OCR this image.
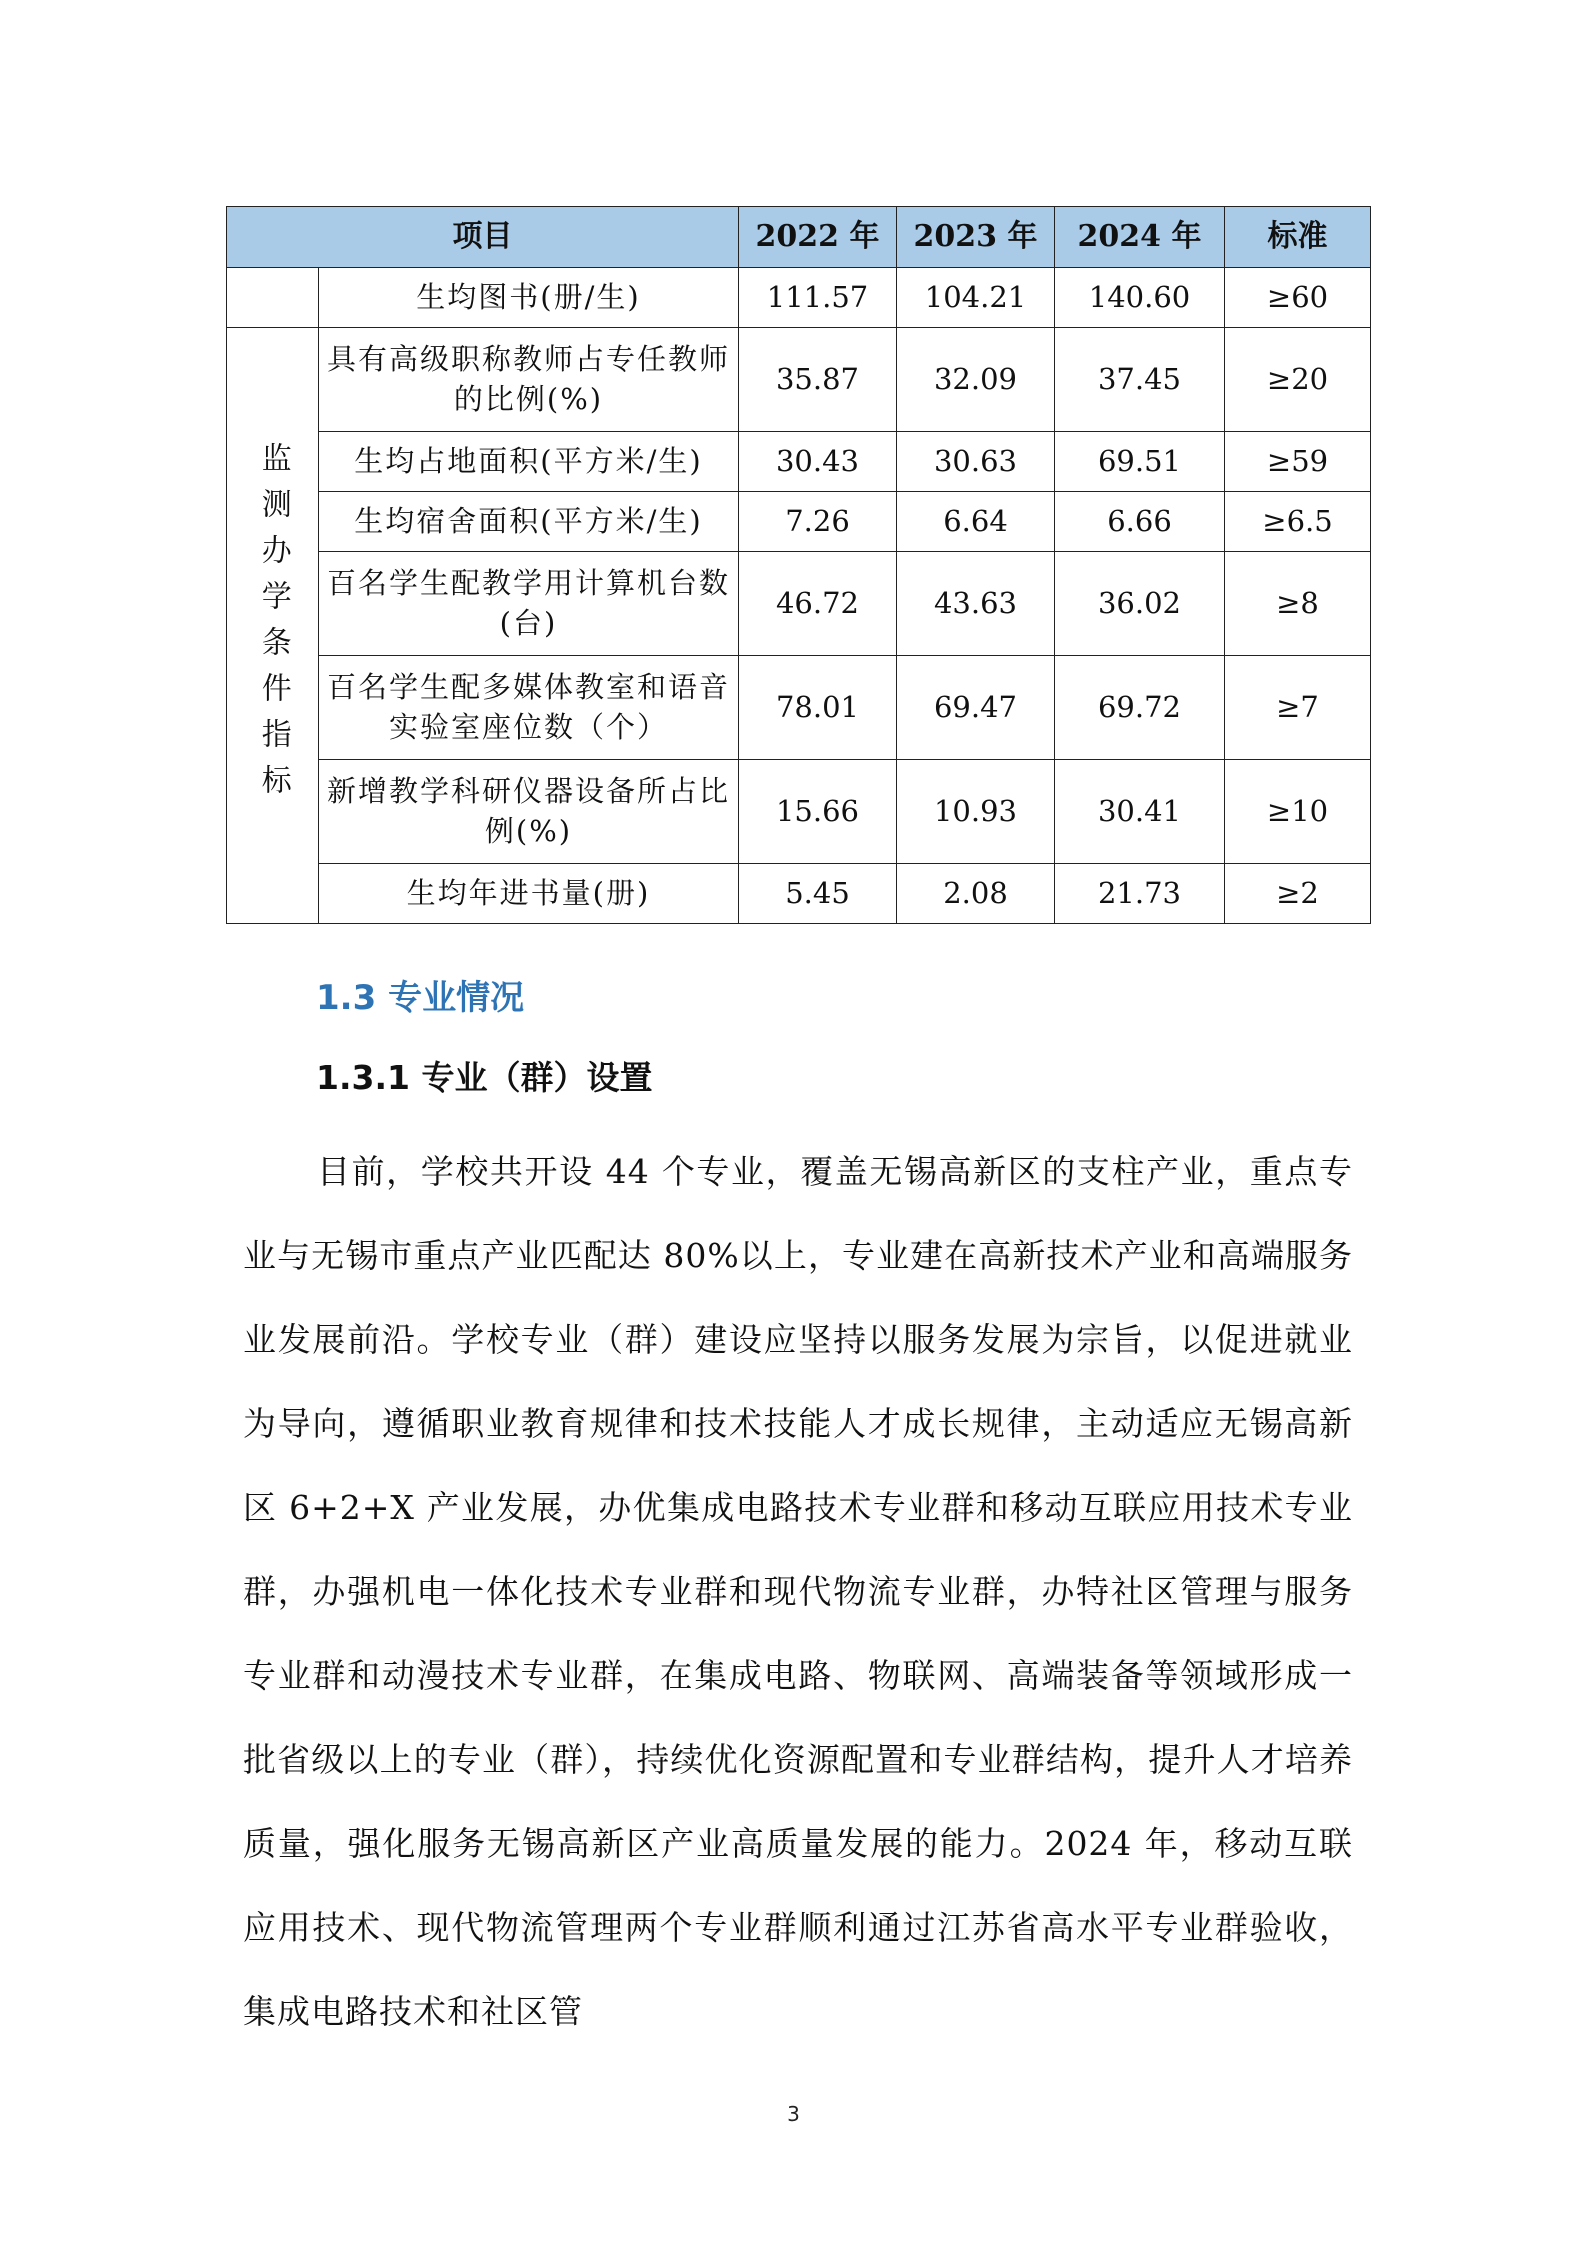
项目		2022 年	2023 年	2024 年	标准
	生均图书(册/生)	111.57	104.21	140.60	≥60
监测办学条件指标	具有高级职称教师占专任教师的比例(%)	35.87	32.09	37.45	≥20
	生均占地面积(平方米/生)	30.43	30.63	69.51	≥59
	生均宿舍面积(平方米/生)	7.26	6.64	6.66	≥6.5
	百名学生配教学用计算机台数(台)	46.72	43.63	36.02	≥8
	百名学生配多媒体教室和语音实验室座位数（个）	78.01	69.47	69.72	≥7
	新增教学科研仪器设备所占比例(%)	15.66	10.93	30.41	≥10
	生均年进书量(册)	5.45	2.08	21.73	≥2
1.3 专业情况
1.3.1 专业（群）设置

目前，学校共开设 44 个专业，覆盖无锡高新区的支柱产业，重点专业与无锡市重点产业匹配达 80%以上，专业建在高新技术产业和高端服务业发展前沿。学校专业（群）建设应坚持以服务发展为宗旨，以促进就业为导向，遵循职业教育规律和技术技能人才成长规律，主动适应无锡高新区 6+2+X 产业发展，办优集成电路技术专业群和移动互联应用技术专业群，办强机电一体化技术专业群和现代物流专业群，办特社区管理与服务专业群和动漫技术专业群，在集成电路、物联网、高端装备等领域形成一批省级以上的专业（群），持续优化资源配置和专业群结构，提升人才培养质量，强化服务无锡高新区产业高质量发展的能力。2024 年，移动互联应用技术、现代物流管理两个专业群顺利通过江苏省高水平专业群验收，集成电路技术和社区管

3
